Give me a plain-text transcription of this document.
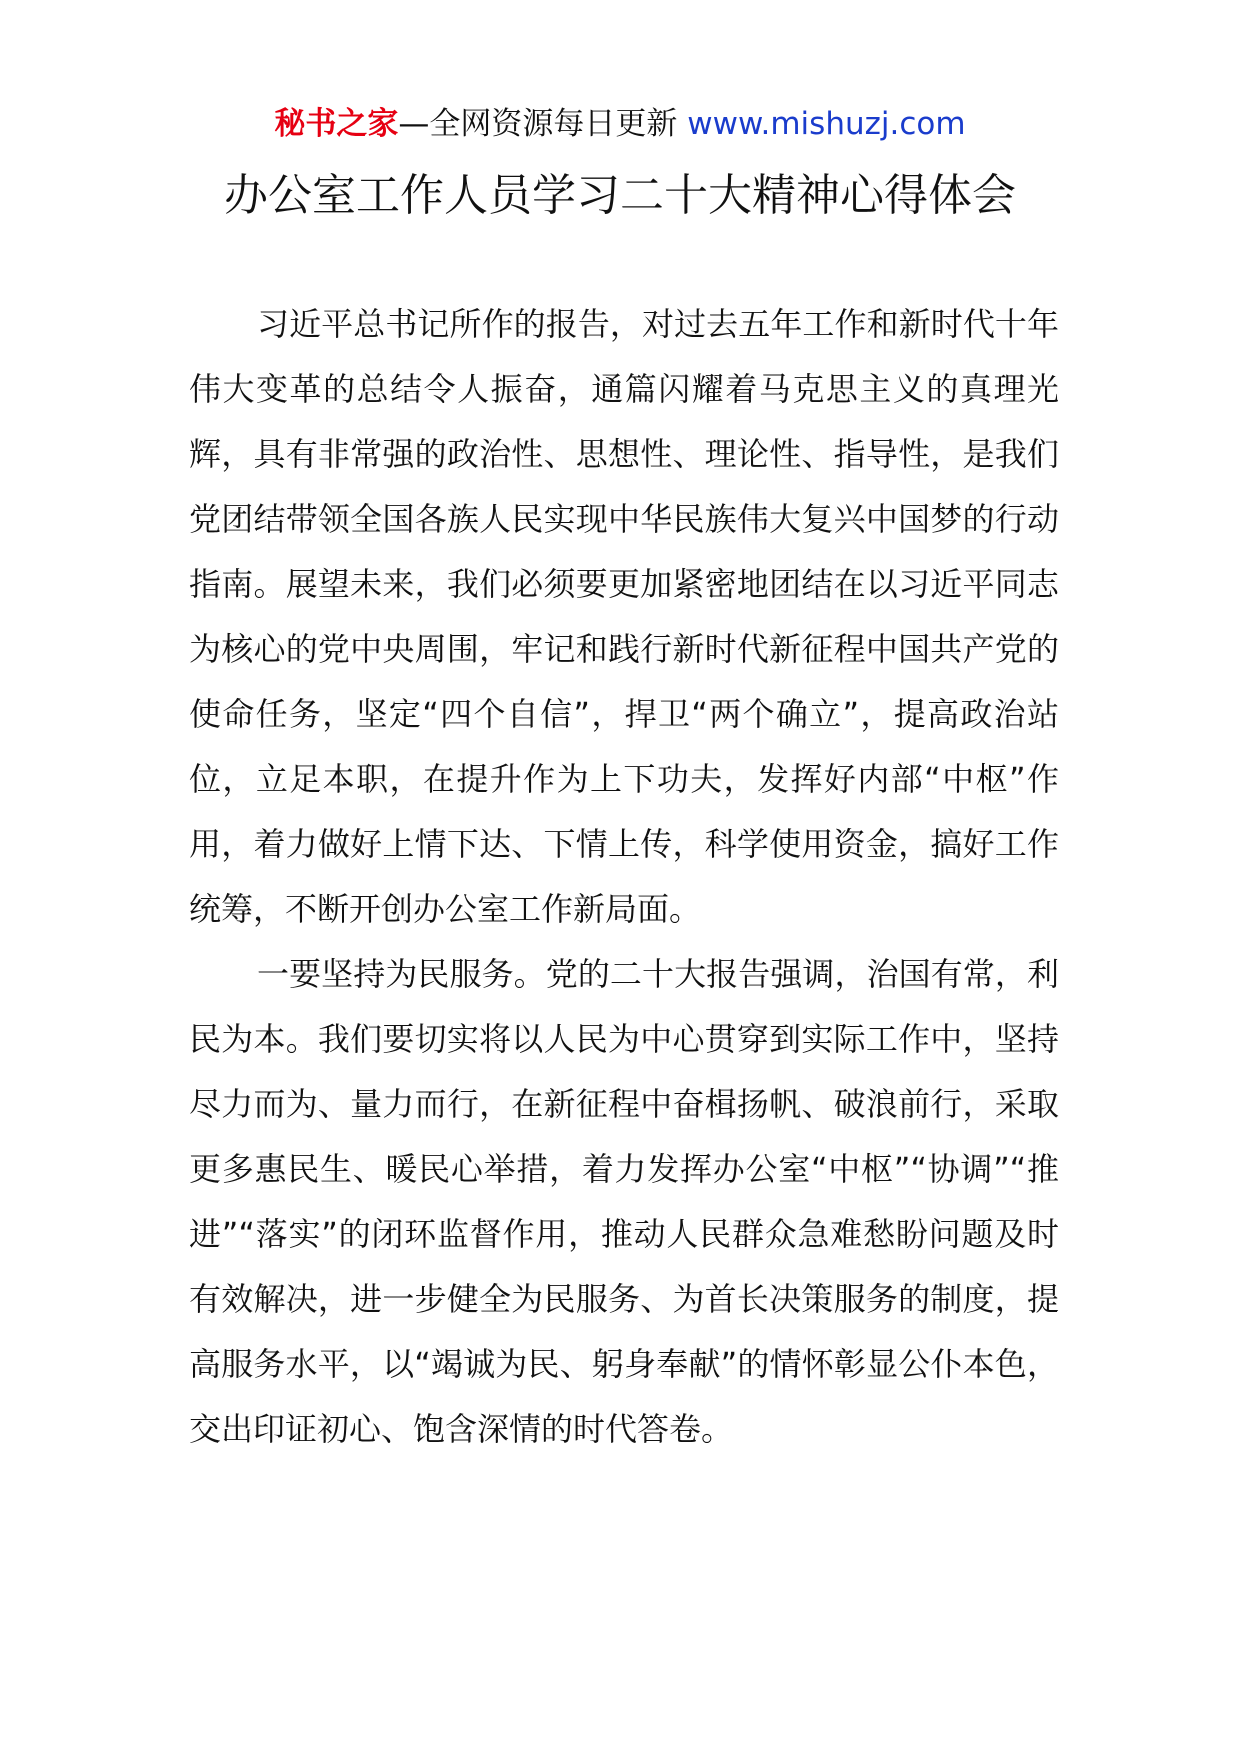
秘书之家—全网资源每日更新 www.mishuzj.com
办公室工作人员学习二十大精神心得体会

习近平总书记所作的报告，对过去五年工作和新时代十年伟大变革的总结令人振奋，通篇闪耀着马克思主义的真理光辉，具有非常强的政治性、思想性、理论性、指导性，是我们党团结带领全国各族人民实现中华民族伟大复兴中国梦的行动指南。展望未来，我们必须要更加紧密地团结在以习近平同志为核心的党中央周围，牢记和践行新时代新征程中国共产党的使命任务，坚定“四个自信”，捍卫“两个确立”，提高政治站位，立足本职，在提升作为上下功夫，发挥好内部“中枢”作用，着力做好上情下达、下情上传，科学使用资金，搞好工作统筹，不断开创办公室工作新局面。

一要坚持为民服务。党的二十大报告强调，治国有常，利民为本。我们要切实将以人民为中心贯穿到实际工作中，坚持尽力而为、量力而行，在新征程中奋楫扬帆、破浪前行，采取更多惠民生、暖民心举措，着力发挥办公室“中枢”“协调”“推进”“落实”的闭环监督作用，推动人民群众急难愁盼问题及时有效解决，进一步健全为民服务、为首长决策服务的制度，提高服务水平，以“竭诚为民、躬身奉献”的情怀彰显公仆本色，交出印证初心、饱含深情的时代答卷。
